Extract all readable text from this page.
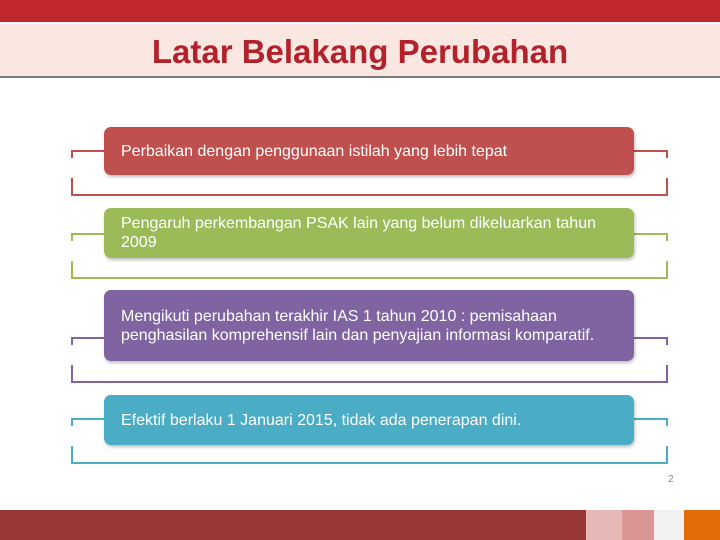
Latar Belakang Perubahan
Perbaikan dengan penggunaan istilah yang lebih tepat
Pengaruh perkembangan PSAK lain yang belum dikeluarkan tahun 2009
Mengikuti perubahan terakhir IAS 1 tahun 2010 : pemisahaan penghasilan komprehensif lain dan penyajian informasi komparatif.
Efektif berlaku 1 Januari 2015, tidak ada penerapan dini.
2
